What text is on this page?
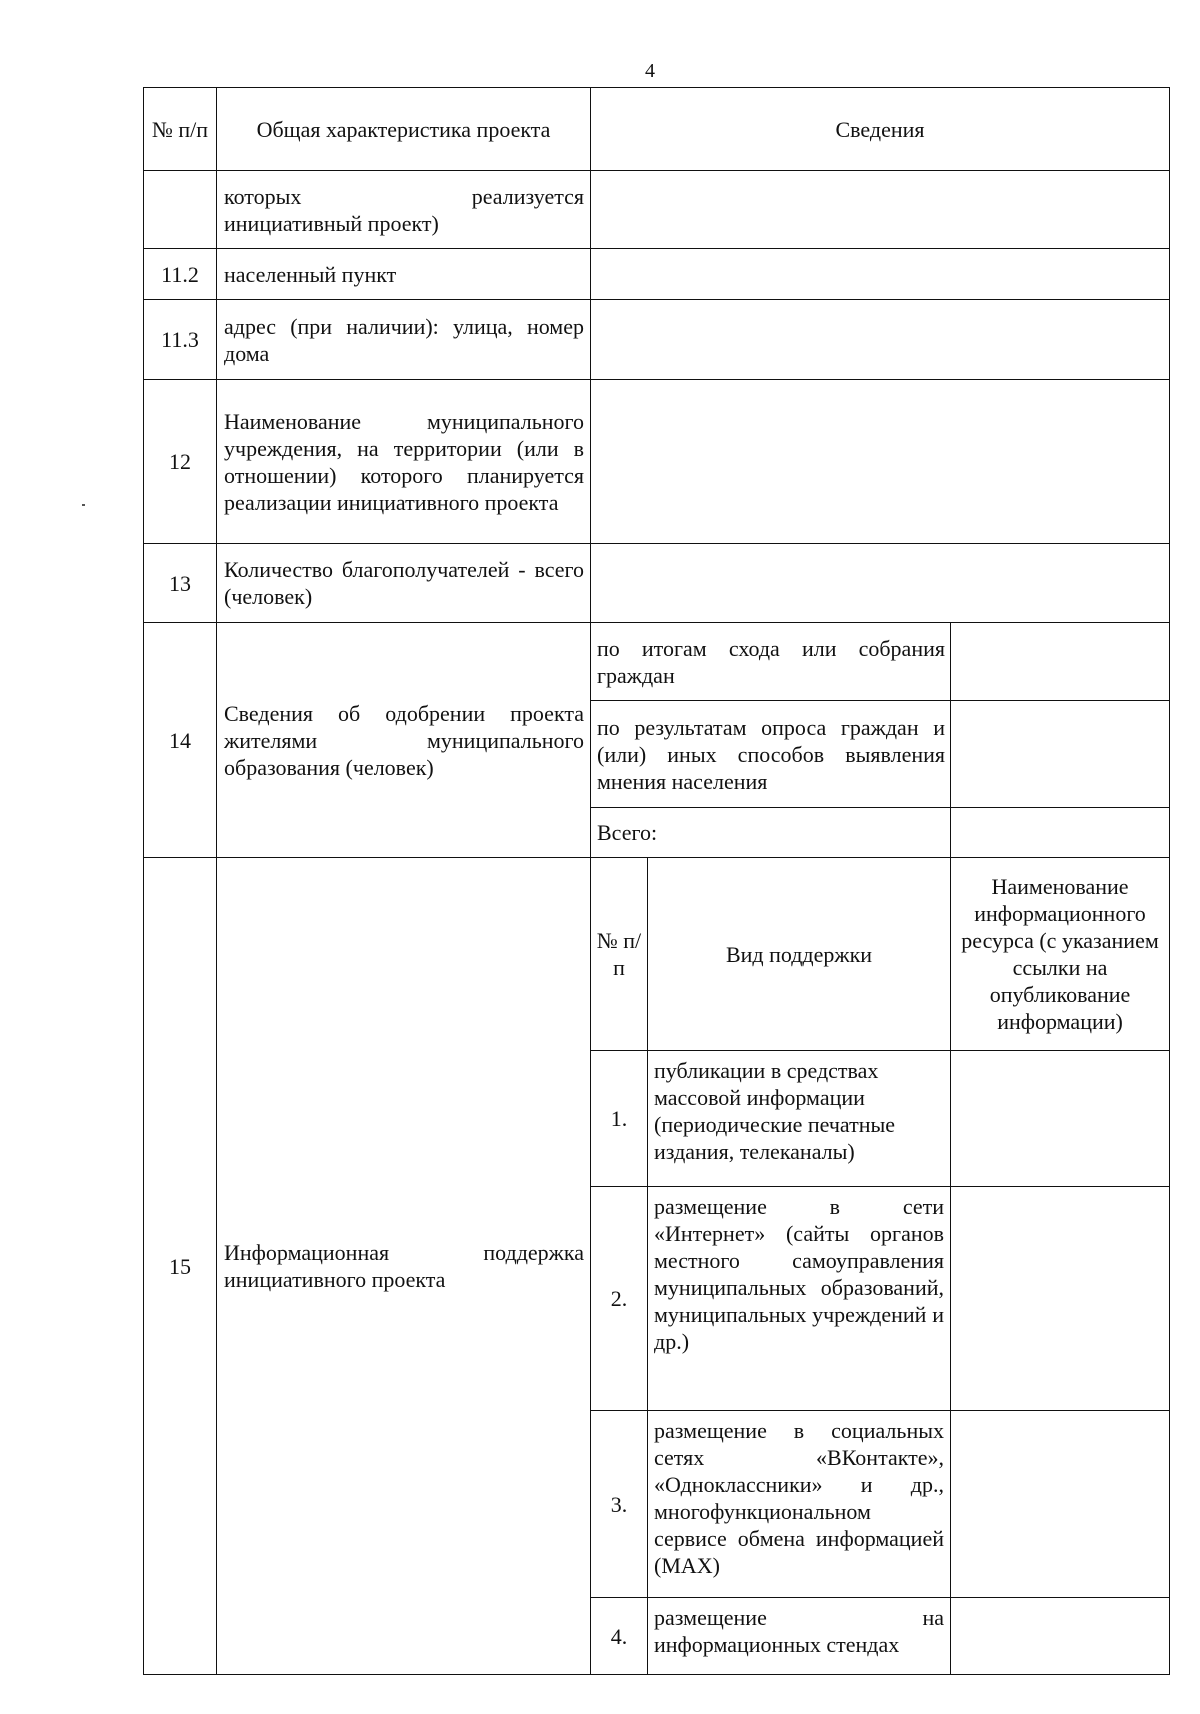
4
№ п/п	Общая характеристика проекта	Сведения		

	которых реализуется
инициативный проект)			

11.2	населенный пункт			
11.3	адрес (при наличии): улица, номер дома			
12	Наименование муниципального учреждения, на территории (или в отношении) которого планируется реализации инициативного проекта			
13	Количество благополучателей - всего (человек)			
14	Сведения об одобрении проекта жителями муниципального образования (человек)	по итогам схода или собрания граждан		
		по результатам опроса граждан и (или) иных способов выявления мнения населения		
		Всего:		
15	Информационная поддержка инициативного проекта	№ п/п	Вид поддержки	Наименование информационного ресурса (с указанием ссылки на опубликование информации)
		1.	публикации в средствах массовой информации (периодические печатные издания, телеканалы)	
		2.	размещение в сети «Интернет» (сайты органов местного самоуправления муниципальных образований, муниципальных учреждений и др.)	
		3.	размещение в социальных сетях «ВКонтакте», «Одноклассники» и др., многофункциональном сервисе обмена информацией (MAX)	
		4.	размещение на информационных стендах	
